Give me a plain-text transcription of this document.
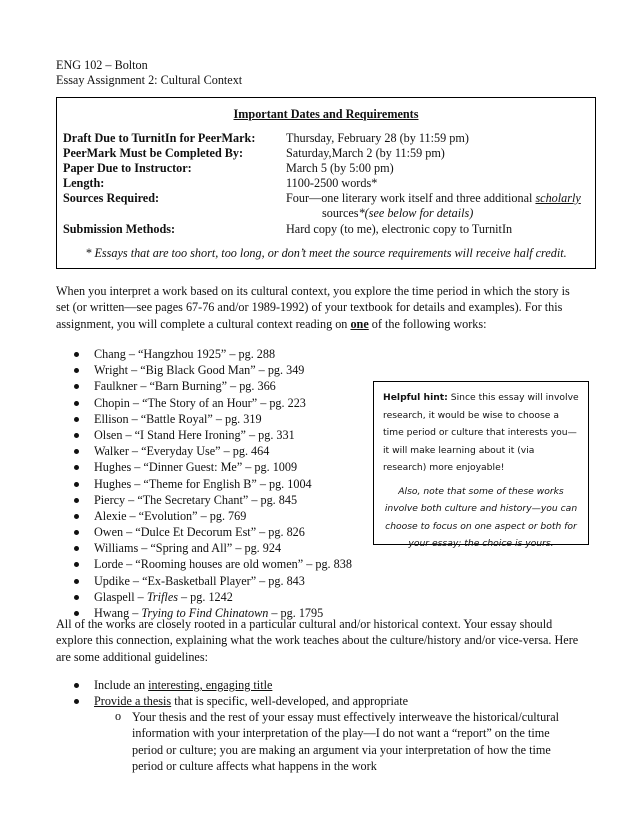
ENG 102 – Bolton
Essay Assignment 2: Cultural Context
Important Dates and Requirements
Draft Due to TurnitIn for PeerMark:	Thursday, February 28 (by 11:59 pm)
PeerMark Must be Completed By:	Saturday,March 2 (by 11:59 pm)
Paper Due to Instructor:	March 5 (by 5:00 pm)
Length:	1100-2500 words*
Sources Required:	Four—one literary work itself and three additional scholarly
sources*(see below for details)
Submission Methods:	Hard copy (to me), electronic copy to TurnitIn
* Essays that are too short, too long, or don’t meet the source requirements will receive half credit.
When you interpret a work based on its cultural context, you explore the time period in which the story is set (or written—see pages 67-76 and/or 1989-1992) of your textbook for details and examples). For this assignment, you will complete a cultural context reading on one of the following works:
Chang – “Hangzhou 1925” – pg. 288
Wright – “Big Black Good Man” – pg. 349
Faulkner – “Barn Burning” – pg. 366
Chopin – “The Story of an Hour” – pg. 223
Ellison – “Battle Royal” – pg. 319
Olsen – “I Stand Here Ironing” – pg. 331
Walker – “Everyday Use” – pg. 464
Hughes – “Dinner Guest: Me” – pg. 1009
Hughes – “Theme for English B” – pg. 1004
Piercy – “The Secretary Chant” – pg. 845
Alexie – “Evolution” – pg. 769
Owen – “Dulce Et Decorum Est” – pg. 826
Williams – “Spring and All” – pg. 924
Lorde – “Rooming houses are old women” – pg. 838
Updike – “Ex-Basketball Player” – pg. 843
Glaspell – Trifles – pg. 1242
Hwang – Trying to Find Chinatown – pg. 1795
Helpful hint: Since this essay will involve research, it would be wise to choose a time period or culture that interests you—it will make learning about it (via research) more enjoyable!
Also, note that some of these works involve both culture and history—you can choose to focus on one aspect or both for your essay; the choice is yours.
All of the works are closely rooted in a particular cultural and/or historical context. Your essay should explore this connection, explaining what the work teaches about the culture/history and/or vice-versa. Here are some additional guidelines:
Include an interesting, engaging title
Provide a thesis that is specific, well-developed, and appropriate
o Your thesis and the rest of your essay must effectively interweave the historical/cultural information with your interpretation of the play—I do not want a “report” on the time period or culture; you are making an argument via your interpretation of how the time period or culture affects what happens in the work
